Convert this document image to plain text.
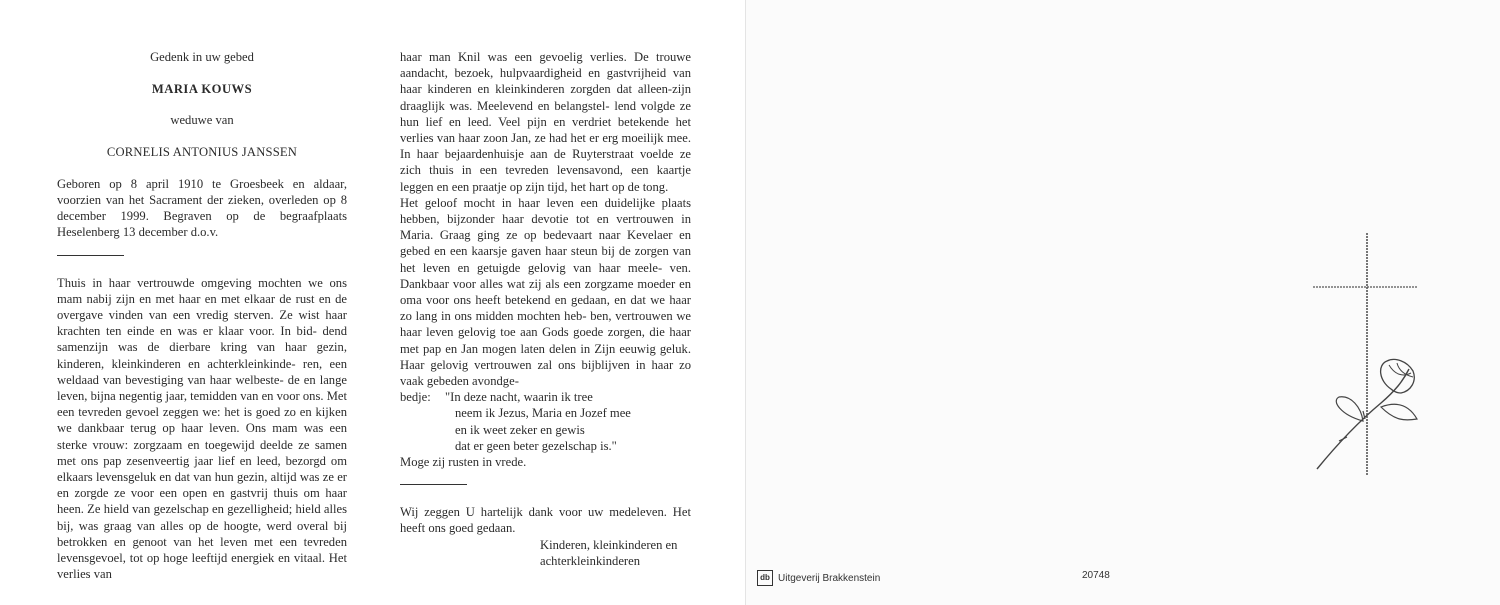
Gedenk in uw gebed

MARIA KOUWS

weduwe van

CORNELIS ANTONIUS JANSSEN

Geboren op 8 april 1910 te Groesbeek en aldaar, voorzien van het Sacrament der zieken, overleden op 8 december 1999. Begraven op de begraafplaats Heselenberg 13 december d.o.v.

Thuis in haar vertrouwde omgeving mochten we ons mam nabij zijn en met haar en met elkaar de rust en de overgave vinden van een vredig sterven. Ze wist haar krachten ten einde en was er klaar voor. In bid- dend samenzijn was de dierbare kring van haar gezin, kinderen, kleinkinderen en achterkleinkinde- ren, een weldaad van bevestiging van haar welbeste- de en lange leven, bijna negentig jaar, temidden van en voor ons. Met een tevreden gevoel zeggen we: het is goed zo en kijken we dankbaar terug op haar leven. Ons mam was een sterke vrouw: zorgzaam en toegewijd deelde ze samen met ons pap zesenveertig jaar lief en leed, bezorgd om elkaars levensgeluk en dat van hun gezin, altijd was ze er en zorgde ze voor een open en gastvrij thuis om haar heen. Ze hield van gezelschap en gezelligheid; hield alles bij, was graag van alles op de hoogte, werd overal bij betrokken en genoot van het leven met een tevreden levensgevoel, tot op hoge leeftijd energiek en vitaal. Het verlies van

haar man Knil was een gevoelig verlies. De trouwe aandacht, bezoek, hulpvaardigheid en gastvrijheid van haar kinderen en kleinkinderen zorgden dat alleen-zijn draaglijk was. Meelevend en belangstel- lend volgde ze hun lief en leed. Veel pijn en verdriet betekende het verlies van haar zoon Jan, ze had het er erg moeilijk mee. In haar bejaardenhuisje aan de Ruyterstraat voelde ze zich thuis in een tevreden levensavond, een kaartje leggen en een praatje op zijn tijd, het hart op de tong.

Het geloof mocht in haar leven een duidelijke plaats hebben, bijzonder haar devotie tot en vertrouwen in Maria. Graag ging ze op bedevaart naar Kevelaer en gebed en een kaarsje gaven haar steun bij de zorgen van het leven en getuigde gelovig van haar meele- ven. Dankbaar voor alles wat zij als een zorgzame moeder en oma voor ons heeft betekend en gedaan, en dat we haar zo lang in ons midden mochten heb- ben, vertrouwen we haar leven gelovig toe aan Gods goede zorgen, die haar met pap en Jan mogen laten delen in Zijn eeuwig geluk. Haar gelovig vertrouwen zal ons bijblijven in haar zo vaak gebeden avondge-

bedje:	"In deze nacht, waarin ik tree
neem ik Jezus, Maria en Jozef mee
en ik weet zeker en gewis
dat er geen beter gezelschap is."

Moge zij rusten in vrede.

Wij zeggen U hartelijk dank voor uw medeleven. Het heeft ons goed gedaan.

Kinderen, kleinkinderen en
achterkleinkinderen
db Uitgeverij Brakkenstein	20748
